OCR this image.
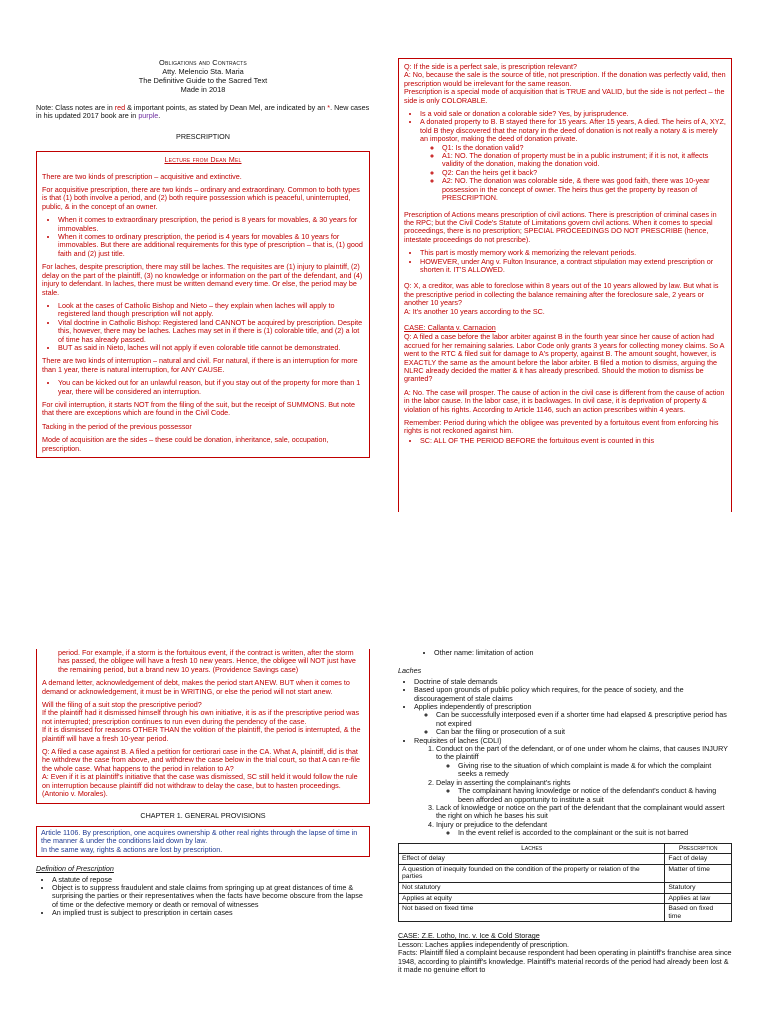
Obligations and Contracts
Atty. Melencio Sta. Maria
The Definitive Guide to the Sacred Text
Made in 2018

Note: Class notes are in red & important points, as stated by Dean Mel, are indicated by an *. New cases in his updated 2017 book are in purple.

PRESCRIPTION
Lecture from Dean Mel

There are two kinds of prescription – acquisitive and extinctive.

For acquisitive prescription, there are two kinds – ordinary and extraordinary. Common to both types is that (1) both involve a period, and (2) both require possession which is peaceful, uninterrupted, public, & in the concept of an owner.

• When it comes to extraordinary prescription, the period is 8 years for movables, & 30 years for immovables.
• When it comes to ordinary prescription, the period is 4 years for movables & 10 years for immovables. But there are additional requirements for this type of prescription – that is, (1) good faith and (2) just title.

For laches, despite prescription, there may still be laches. The requisites are (1) injury to plaintiff, (2) delay on the part of the plaintiff, (3) no knowledge or information on the part of the defendant, and (4) injury to defendant. In laches, there must be written demand every time. Or else, the period may be stale.

• Look at the cases of Catholic Bishop and Nieto – they explain when laches will apply to registered land though prescription will not apply.
• Vital doctrine in Catholic Bishop: Registered land CANNOT be acquired by prescription. Despite this, however, there may be laches. Laches may set in if there is (1) colorable title, and (2) a lot of time has already passed.
• BUT as said in Nieto, laches will not apply if even colorable title cannot be demonstrated.

There are two kinds of interruption – natural and civil. For natural, if there is an interruption for more than 1 year, there is natural interruption, for ANY CAUSE.

• You can be kicked out for an unlawful reason, but if you stay out of the property for more than 1 year, there will be considered an interruption.

For civil interruption, it starts NOT from the filing of the suit, but the receipt of SUMMONS. But note that there are exceptions which are found in the Civil Code.

Tacking in the period of the previous possessor

Mode of acquisition are the sides – these could be donation, inheritance, sale, occupation, prescription.

Q: If the side is a perfect sale, is prescription relevant?
A: No, because the sale is the source of title, not prescription. If the donation was perfectly valid, then prescription would be irrelevant for the same reason.
Prescription is a special mode of acquisition that is TRUE and VALID, but the side is not perfect – the side is only COLORABLE.

• Is a void sale or donation a colorable side? Yes, by jurisprudence.
• A donated property to B. B stayed there for 15 years. After 15 years, A died. The heirs of A, XYZ, told B they discovered that the notary in the deed of donation is not really a notary & is merely an impostor, making the deed of donation private.
◦ Q1: Is the donation valid?
◦ A1: NO. The donation of property must be in a public instrument; if it is not, it affects validity of the donation, making the donation void.
◦ Q2: Can the heirs get it back?
◦ A2: NO. The donation was colorable side, & there was good faith, there was 10-year possession in the concept of owner. The heirs thus get the property by reason of PRESCRIPTION.

Prescription of Actions means prescription of civil actions. There is prescription of criminal cases in the RPC; but the Civil Code's Statute of Limitations govern civil actions. When it comes to special proceedings, there is no prescription; SPECIAL PROCEEDINGS DO NOT PRESCRIBE (hence, intestate proceedings do not prescribe).

• This part is mostly memory work & memorizing the relevant periods.
• HOWEVER, under Ang v. Fulton Insurance, a contract stipulation may extend prescription or shorten it. IT'S ALLOWED.

Q: X, a creditor, was able to foreclose within 8 years out of the 10 years allowed by law. But what is the prescriptive period in collecting the balance remaining after the foreclosure sale, 2 years or another 10 years?
A: It's another 10 years according to the SC.

CASE: Callanta v. Carnacion

Q: A filed a case before the labor arbiter against B in the fourth year since her cause of action had accrued for her remaining salaries. Labor Code only grants 3 years for collecting money claims. So A went to the RTC & filed suit for damage to A's property, against B. The amount sought, however, is EXACTLY the same as the amount before the labor arbiter. B filed a motion to dismiss, arguing the NLRC already decided the matter & it has already prescribed. Should the motion to dismiss be granted?

A: No. The case will prosper. The cause of action in the civil case is different from the cause of action in the labor cause. In the labor case, it is backwages. In civil case, it is deprivation of property & violation of his rights. According to Article 1146, such an action prescribes within 4 years.

Remember: Period during which the obligee was prevented by a fortuitous event from enforcing his rights is not reckoned against him.

• SC: ALL OF THE PERIOD BEFORE the fortuitous event is counted in this

period. For example, if a storm is the fortuitous event, if the contract is written, after the storm has passed, the obligee will have a fresh 10 new years. Hence, the obligee will NOT just have the remaining period, but a brand new 10 years. (Providence Savings case)

A demand letter, acknowledgement of debt, makes the period start ANEW. BUT when it comes to demand or acknowledgement, it must be in WRITING, or else the period will not start anew.

Will the filing of a suit stop the prescriptive period?
If the plaintiff had it dismissed himself through his own initiative, it is as if the prescriptive period was not interrupted; prescription continues to run even during the pendency of the case.
If it is dismissed for reasons OTHER THAN the volition of the plaintiff, the period is interrupted, & the plaintiff will have a fresh 10-year period.

Q: A filed a case against B. A filed a petition for certiorari case in the CA. What A, plaintiff, did is that he withdrew the case from above, and withdrew the case below in the trial court, so that A can re-file the whole case. What happens to the period in relation to A?
A: Even if it is at plaintiff's initiative that the case was dismissed, SC still held it would follow the rule on interruption because plaintiff did not withdraw to delay the case, but to hasten proceedings. (Antonio v. Morales).

CHAPTER 1. GENERAL PROVISIONS
Article 1106. By prescription, one acquires ownership & other real rights through the lapse of time in the manner & under the conditions laid down by law.
In the same way, rights & actions are lost by prescription.
Definition of Prescription
• A statute of repose
• Object is to suppress fraudulent and stale claims from springing up at great distances of time & surprising the parties or their representatives when the facts have become obscure from the lapse of time or the defective memory or death or removal of witnesses
• An implied trust is subject to prescription in certain cases
• Other name: limitation of action
Laches
• Doctrine of stale demands
• Based upon grounds of public policy which requires, for the peace of society, and the discouragement of stale claims
• Applies independently of prescription
◦ Can be successfully interposed even if a shorter time had elapsed & prescriptive period has not expired
◦ Can bar the filing or prosecution of a suit
• Requisites of laches (CDLI)
1. Conduct on the part of the defendant, or of one under whom he claims, that causes INJURY to the plaintiff
◦ Giving rise to the situation of which complaint is made & for which the complaint seeks a remedy
2. Delay in asserting the complainant's rights
◦ The complainant having knowledge or notice of the defendant's conduct & having been afforded an opportunity to institute a suit
3. Lack of knowledge or notice on the part of the defendant that the complainant would assert the right on which he bases his suit
4. Injury or prejudice to the defendant
◦ In the event relief is accorded to the complainant or the suit is not barred
Laches	Prescription
Effect of delay	Fact of delay
A question of inequity founded on the condition of the property or relation of the parties	Matter of time
Not statutory	Statutory
Applies at equity	Applies at law
Not based on fixed time	Based on fixed time

CASE: Z.E. Lotho, Inc. v. Ice & Cold Storage

Lesson: Laches applies independently of prescription.

Facts: Plaintiff filed a complaint because respondent had been operating in plaintiff's franchise area since 1948, according to plaintiff's knowledge. Plaintiff's material records of the period had already been lost & it made no genuine effort to
